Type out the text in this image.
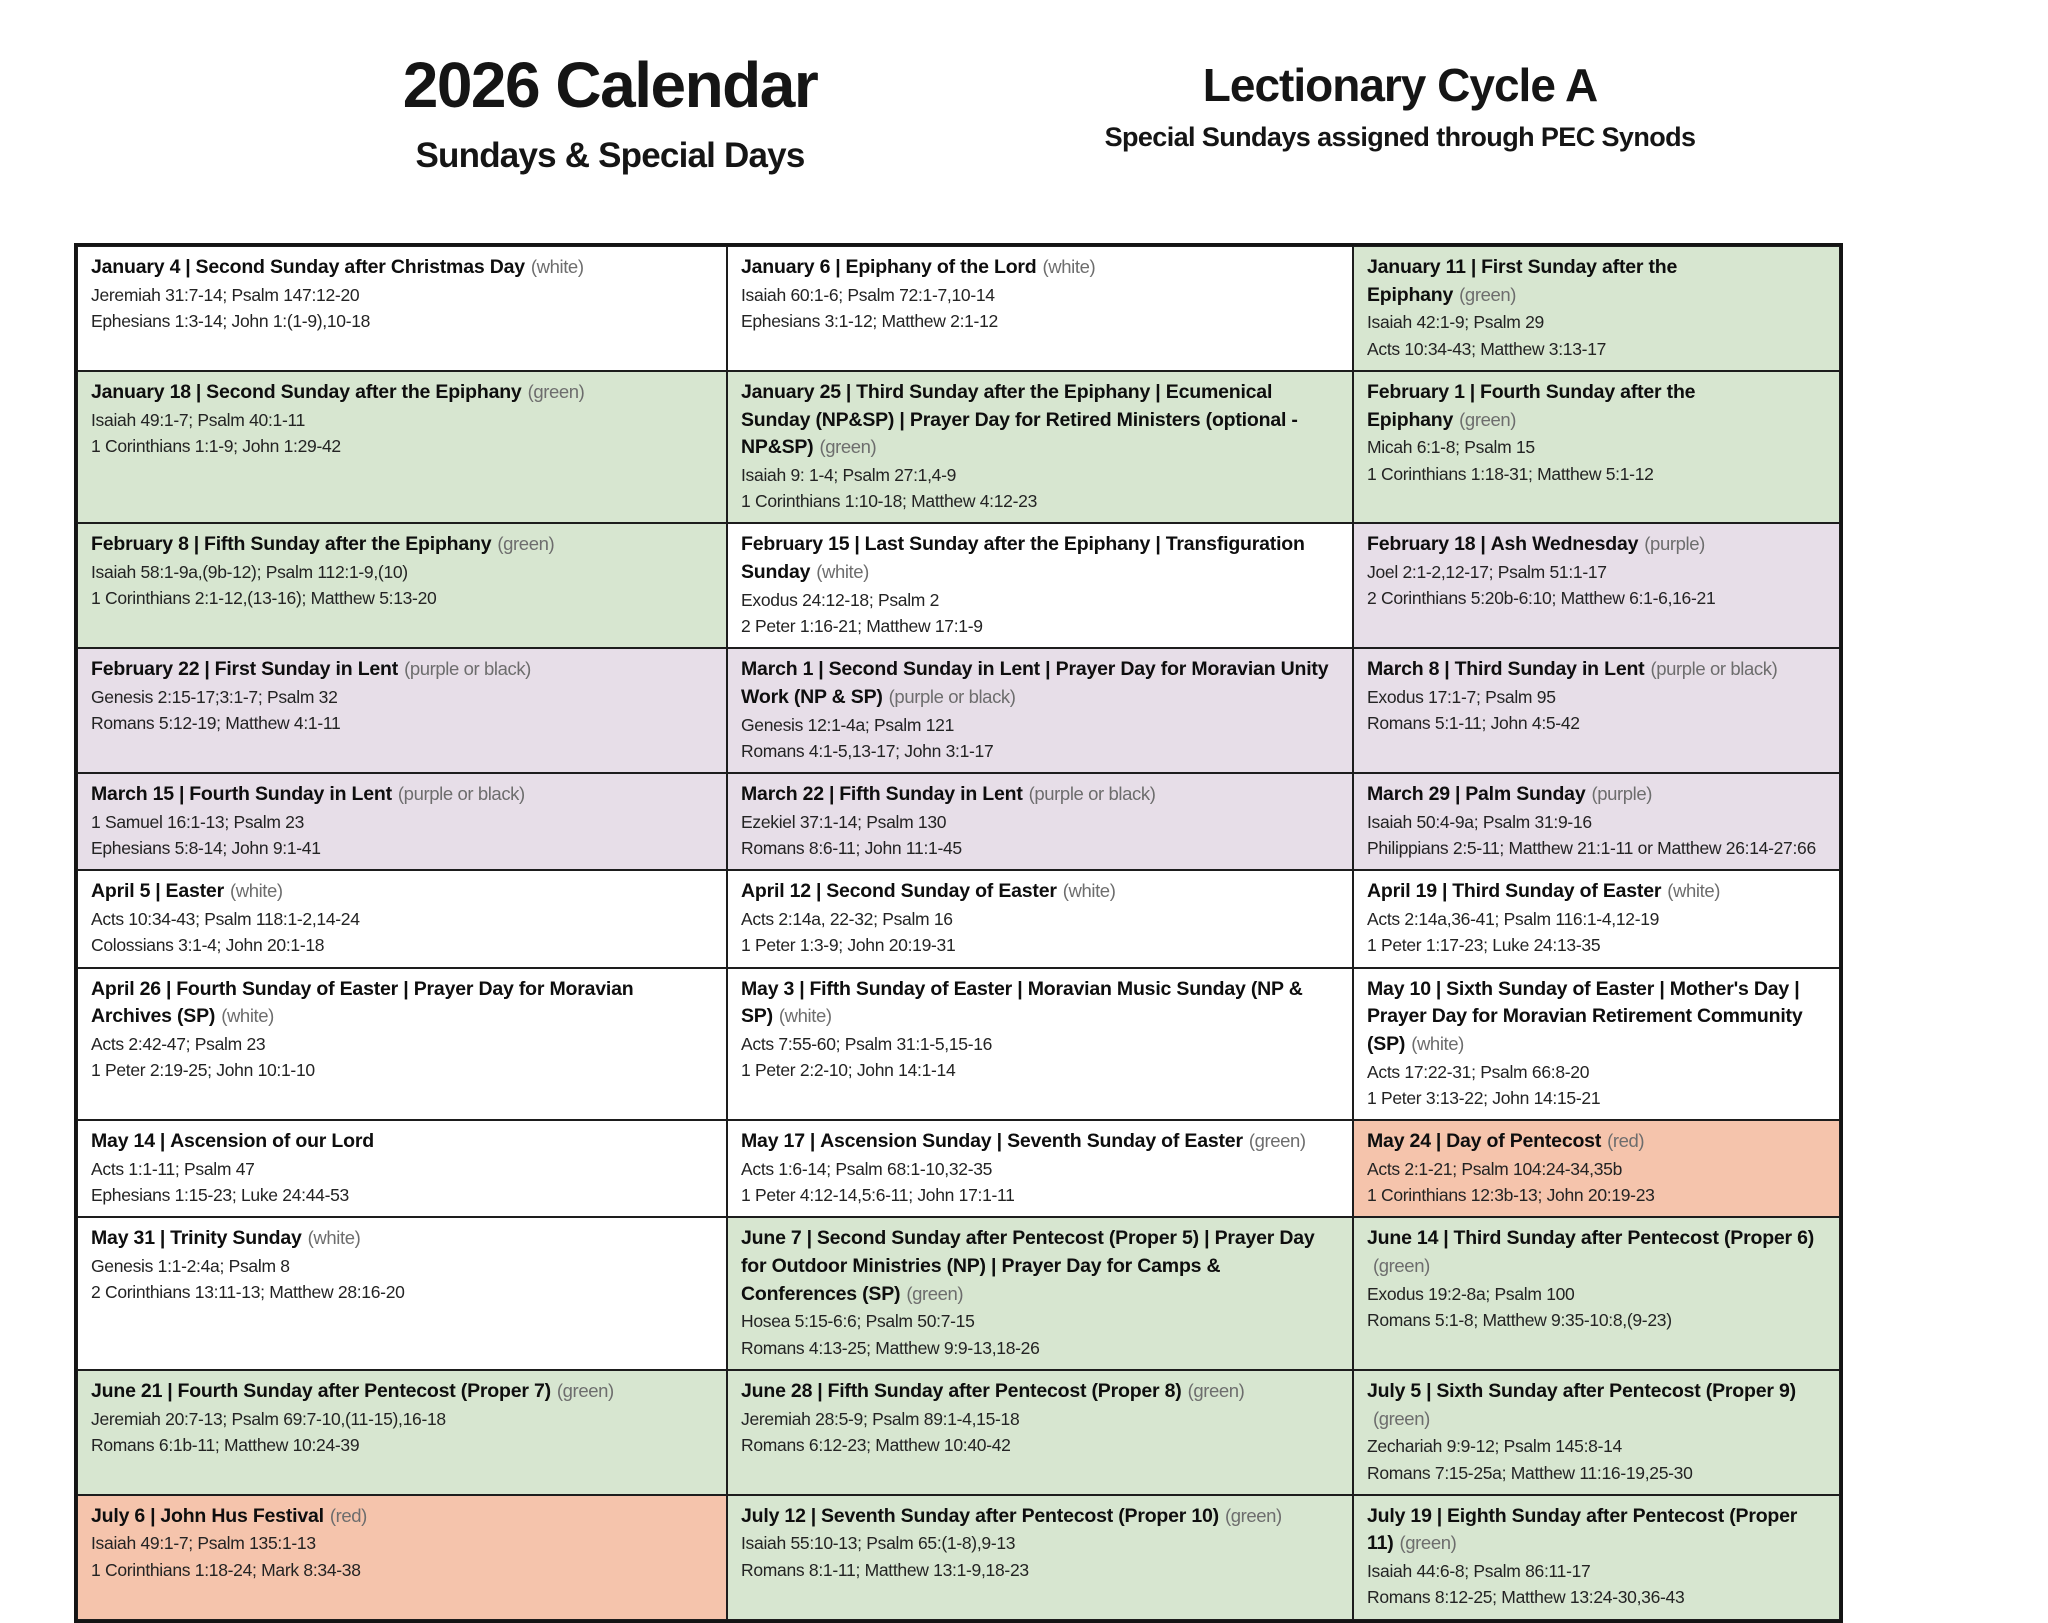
2026 Calendar
Sundays & Special Days
Lectionary Cycle A
Special Sundays assigned through PEC Synods
January 4 | Second Sunday after Christmas Day (white)
Jeremiah 31:7-14; Psalm 147:12-20
Ephesians 1:3-14; John 1:(1-9),10-18
January 6 | Epiphany of the Lord (white)
Isaiah 60:1-6; Psalm 72:1-7,10-14
Ephesians 3:1-12; Matthew 2:1-12
January 11 | First Sunday after the Epiphany (green)
Isaiah 42:1-9; Psalm 29
Acts 10:34-43; Matthew 3:13-17
January 18 | Second Sunday after the Epiphany (green)
Isaiah 49:1-7; Psalm 40:1-11
1 Corinthians 1:1-9; John 1:29-42
January 25 | Third Sunday after the Epiphany | Ecumenical Sunday (NP&SP) | Prayer Day for Retired Ministers (optional - NP&SP) (green)
Isaiah 9: 1-4; Psalm 27:1,4-9
1 Corinthians 1:10-18; Matthew 4:12-23
February 1 | Fourth Sunday after the Epiphany (green)
Micah 6:1-8; Psalm 15
1 Corinthians 1:18-31; Matthew 5:1-12
February 8 | Fifth Sunday after the Epiphany (green)
Isaiah 58:1-9a,(9b-12); Psalm 112:1-9,(10)
1 Corinthians 2:1-12,(13-16); Matthew 5:13-20
February 15 | Last Sunday after the Epiphany | Transfiguration Sunday (white)
Exodus 24:12-18; Psalm 2
2 Peter 1:16-21; Matthew 17:1-9
February 18 | Ash Wednesday (purple)
Joel 2:1-2,12-17; Psalm 51:1-17
2 Corinthians 5:20b-6:10; Matthew 6:1-6,16-21
February 22 | First Sunday in Lent (purple or black)
Genesis 2:15-17;3:1-7; Psalm 32
Romans 5:12-19; Matthew 4:1-11
March 1 | Second Sunday in Lent | Prayer Day for Moravian Unity Work (NP & SP) (purple or black)
Genesis 12:1-4a; Psalm 121
Romans 4:1-5,13-17; John 3:1-17
March 8 | Third Sunday in Lent (purple or black)
Exodus 17:1-7; Psalm 95
Romans 5:1-11; John 4:5-42
March 15 | Fourth Sunday in Lent (purple or black)
1 Samuel 16:1-13; Psalm 23
Ephesians 5:8-14; John 9:1-41
March 22 | Fifth Sunday in Lent (purple or black)
Ezekiel 37:1-14; Psalm 130
Romans 8:6-11; John 11:1-45
March 29 | Palm Sunday (purple)
Isaiah 50:4-9a; Psalm 31:9-16
Philippians 2:5-11; Matthew 21:1-11 or Matthew 26:14-27:66
April 5 | Easter (white)
Acts 10:34-43; Psalm 118:1-2,14-24
Colossians 3:1-4; John 20:1-18
April 12 | Second Sunday of Easter (white)
Acts 2:14a, 22-32; Psalm 16
1 Peter 1:3-9; John 20:19-31
April 19 | Third Sunday of Easter (white)
Acts 2:14a,36-41; Psalm 116:1-4,12-19
1 Peter 1:17-23; Luke 24:13-35
April 26 | Fourth Sunday of Easter | Prayer Day for Moravian Archives (SP) (white)
Acts 2:42-47; Psalm 23
1 Peter 2:19-25; John 10:1-10
May 3 | Fifth Sunday of Easter | Moravian Music Sunday (NP & SP) (white)
Acts 7:55-60; Psalm 31:1-5,15-16
1 Peter 2:2-10; John 14:1-14
May 10 | Sixth Sunday of Easter | Mother's Day | Prayer Day for Moravian Retirement Community (SP) (white)
Acts 17:22-31; Psalm 66:8-20
1 Peter 3:13-22; John 14:15-21
May 14 | Ascension of our Lord
Acts 1:1-11; Psalm 47
Ephesians 1:15-23; Luke 24:44-53
May 17 | Ascension Sunday | Seventh Sunday of Easter (green)
Acts 1:6-14; Psalm 68:1-10,32-35
1 Peter 4:12-14,5:6-11; John 17:1-11
May 24 | Day of Pentecost (red)
Acts 2:1-21; Psalm 104:24-34,35b
1 Corinthians 12:3b-13; John 20:19-23
May 31 | Trinity Sunday (white)
Genesis 1:1-2:4a; Psalm 8
2 Corinthians 13:11-13; Matthew 28:16-20
June 7 | Second Sunday after Pentecost (Proper 5) | Prayer Day for Outdoor Ministries (NP) | Prayer Day for Camps & Conferences (SP) (green)
Hosea 5:15-6:6; Psalm 50:7-15
Romans 4:13-25; Matthew 9:9-13,18-26
June 14 | Third Sunday after Pentecost (Proper 6)(green)
Exodus 19:2-8a; Psalm 100
Romans 5:1-8; Matthew 9:35-10:8,(9-23)
June 21 | Fourth Sunday after Pentecost (Proper 7) (green)
Jeremiah 20:7-13; Psalm 69:7-10,(11-15),16-18
Romans 6:1b-11; Matthew 10:24-39
June 28 | Fifth Sunday after Pentecost (Proper 8) (green)
Jeremiah 28:5-9; Psalm 89:1-4,15-18
Romans 6:12-23; Matthew 10:40-42
July 5 | Sixth Sunday after Pentecost (Proper 9)(green)
Zechariah 9:9-12; Psalm 145:8-14
Romans 7:15-25a; Matthew 11:16-19,25-30
July 6 | John Hus Festival (red)
Isaiah 49:1-7; Psalm 135:1-13
1 Corinthians 1:18-24; Mark 8:34-38
July 12 | Seventh Sunday after Pentecost (Proper 10) (green)
Isaiah 55:10-13; Psalm 65:(1-8),9-13
Romans 8:1-11; Matthew 13:1-9,18-23
July 19 | Eighth Sunday after Pentecost (Proper 11) (green)
Isaiah 44:6-8; Psalm 86:11-17
Romans 8:12-25; Matthew 13:24-30,36-43
